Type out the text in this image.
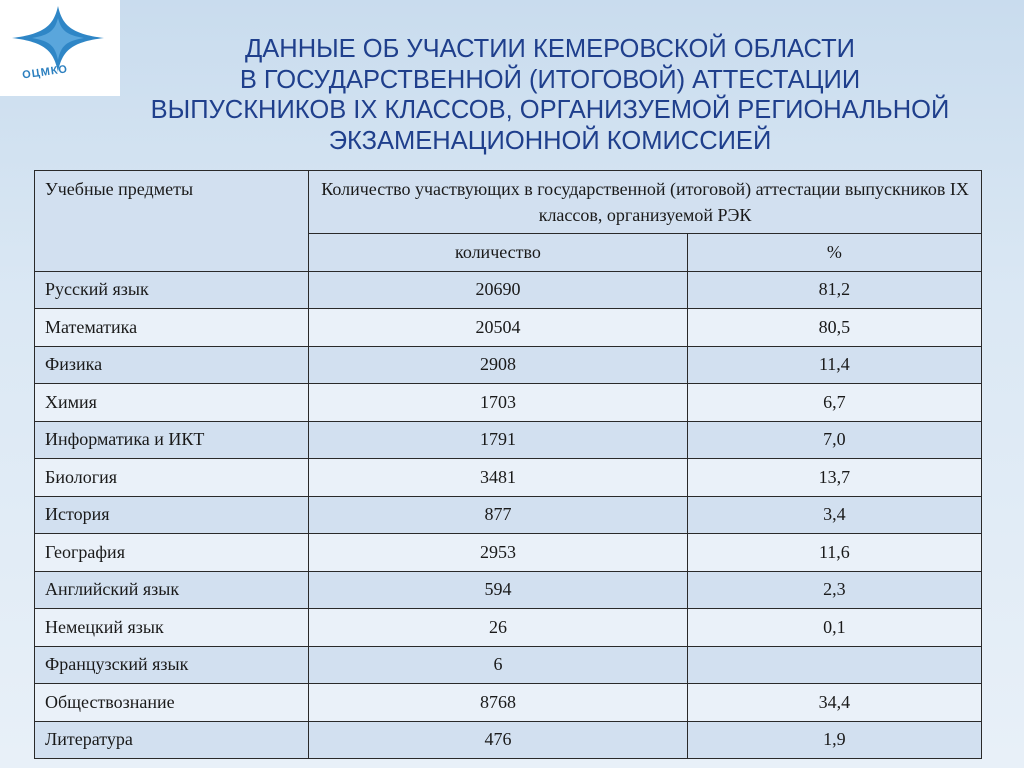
ОЦМКО
ДАННЫЕ ОБ УЧАСТИИ КЕМЕРОВСКОЙ ОБЛАСТИ
В ГОСУДАРСТВЕННОЙ (ИТОГОВОЙ) АТТЕСТАЦИИ
ВЫПУСКНИКОВ IX КЛАССОВ, ОРГАНИЗУЕМОЙ РЕГИОНАЛЬНОЙ
ЭКЗАМЕНАЦИОННОЙ КОМИССИЕЙ
Учебные предметы	Количество участвующих в государственной (итоговой) аттестации выпускников IX классов, организуемой РЭК	
	количество	%
Русский язык	20690	81,2
Математика	20504	80,5
Физика	2908	11,4
Химия	1703	6,7
Информатика и ИКТ	1791	7,0
Биология	3481	13,7
История	877	3,4
География	2953	11,6
Английский язык	594	2,3
Немецкий язык	26	0,1
Французский язык	6	
Обществознание	8768	34,4
Литература	476	1,9
